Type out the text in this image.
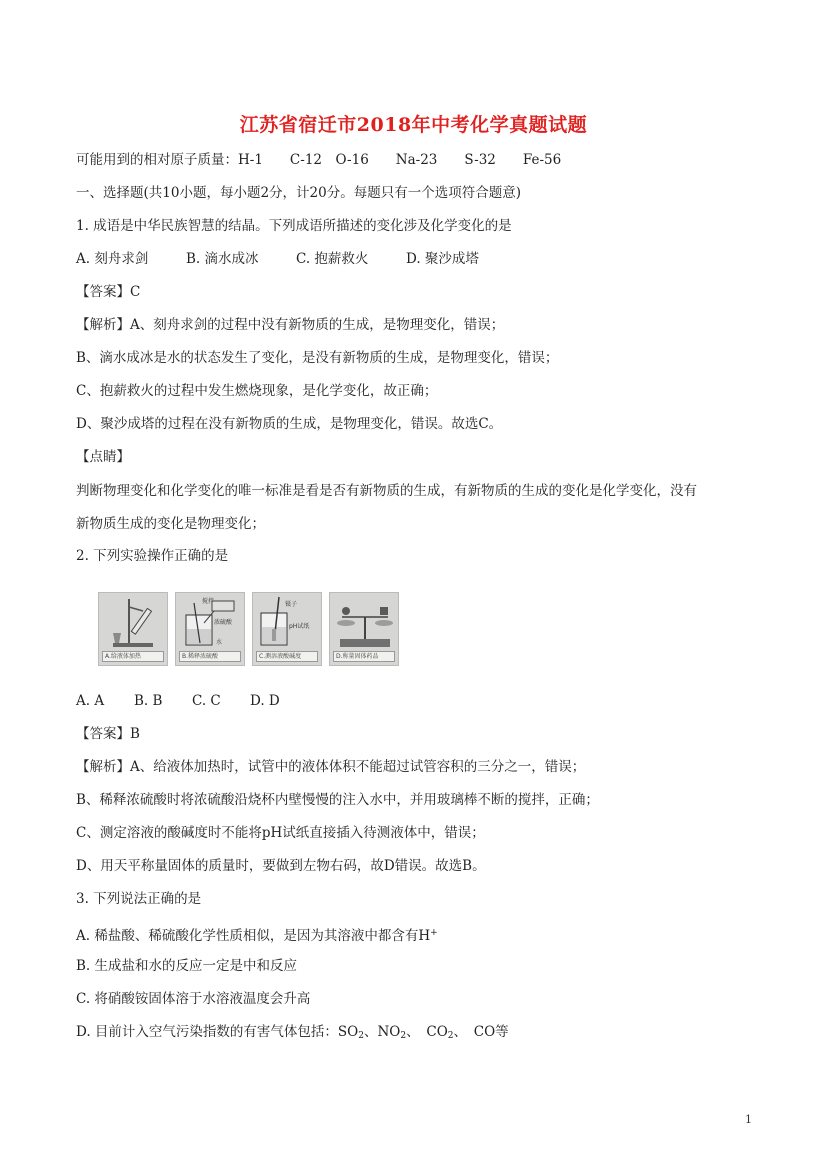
江苏省宿迁市2018年中考化学真题试题
可能用到的相对原子质量：H-1　　C-12　O-16　　Na-23　　S-32　　Fe-56
一、选择题(共10小题，每小题2分，计20分。每题只有一个选项符合题意)
1. 成语是中华民族智慧的结晶。下列成语所描述的变化涉及化学变化的是
A. 刻舟求剑	B. 滴水成冰	C. 抱薪救火	D. 聚沙成塔
【答案】C
【解析】A、刻舟求剑的过程中没有新物质的生成，是物理变化，错误；
B、滴水成冰是水的状态发生了变化，是没有新物质的生成，是物理变化，错误；
C、抱薪救火的过程中发生燃烧现象，是化学变化，故正确；
D、聚沙成塔的过程在没有新物质的生成，是物理变化，错误。故选C。
【点睛】
判断物理变化和化学变化的唯一标准是看是否有新物质的生成，有新物质的生成的变化是化学变化，没有
新物质生成的变化是物理变化；
2. 下列实验操作正确的是
A.给液体加热
搅拌
浓硫酸
水
B.稀释浓硫酸
镊子
pH试纸
C.测溶液酸碱度	D.称量固体药品
A. A B. B C. C D. D
【答案】B
【解析】A、给液体加热时，试管中的液体体积不能超过试管容积的三分之一，错误；
B、稀释浓硫酸时将浓硫酸沿烧杯内壁慢慢的注入水中，并用玻璃棒不断的搅拌，正确；
C、测定溶液的酸碱度时不能将pH试纸直接插入待测液体中，错误；
D、用天平称量固体的质量时，要做到左物右码，故D错误。故选B。
3. 下列说法正确的是
A. 稀盐酸、稀硫酸化学性质相似，是因为其溶液中都含有H+
B. 生成盐和水的反应一定是中和反应
C. 将硝酸铵固体溶于水溶液温度会升高
D. 目前计入空气污染指数的有害气体包括：$SO_2$、$NO_2$、　$CO_2$、　CO等
1
